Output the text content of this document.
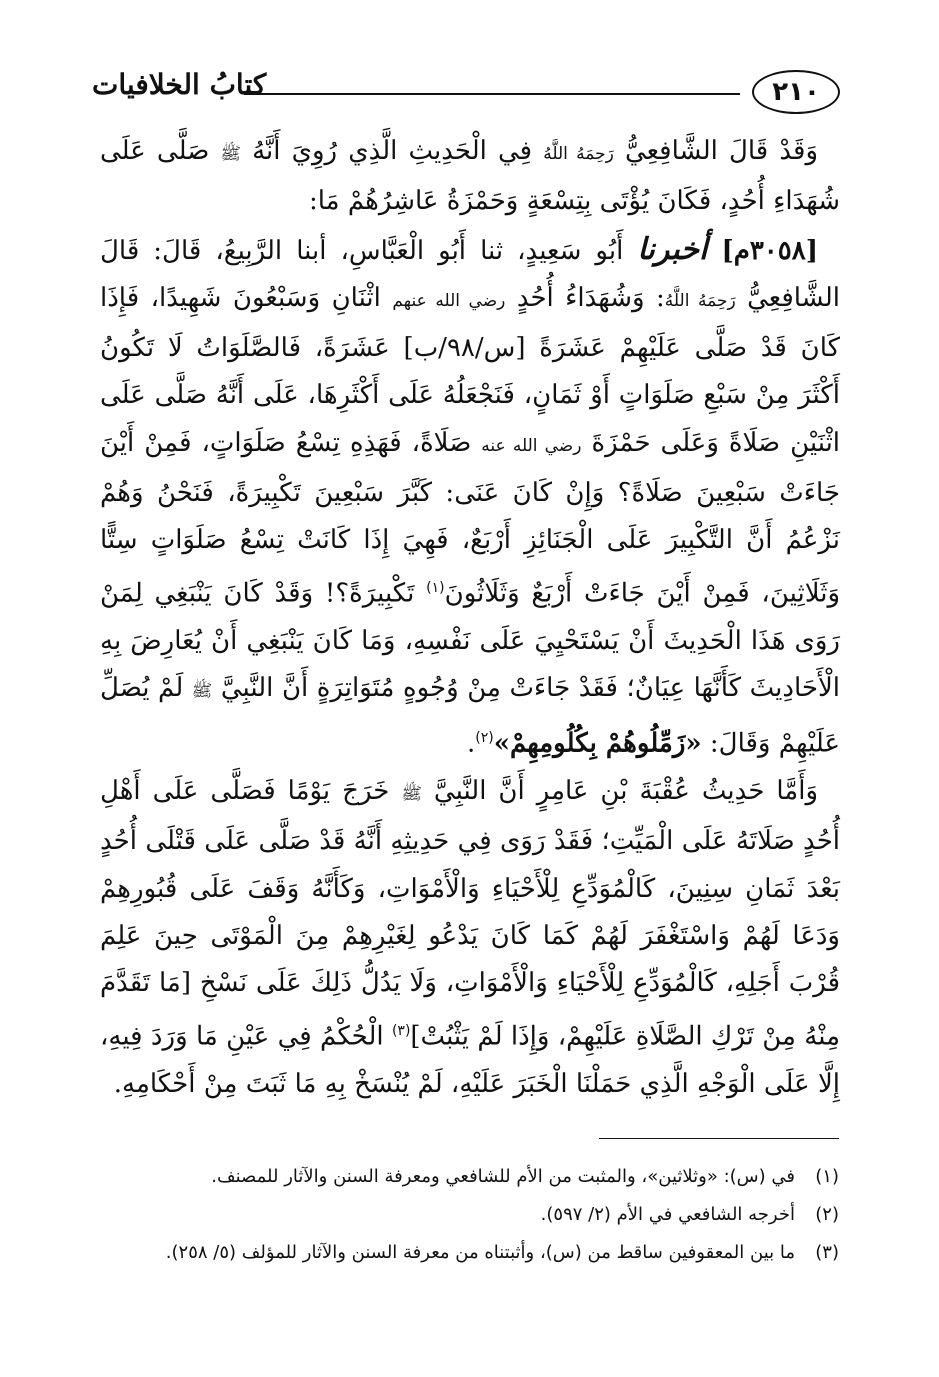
٢١٠
كتابُ الخلافيات

وَقَدْ قَالَ الشَّافِعِيُّ رَحِمَهُ اللَّهُ فِي الْحَدِيثِ الَّذِي رُوِيَ أَنَّهُ ﷺ صَلَّى عَلَى شُهَدَاءِ أُحُدٍ، فَكَانَ يُؤْتَى بِتِسْعَةٍ وَحَمْزَةُ عَاشِرُهُمْ مَا:

[٣٠٥٨م] أخبرنا أَبُو سَعِيدٍ، ثنا أَبُو الْعَبَّاسِ، أبنا الرَّبِيعُ، قَالَ: قَالَ الشَّافِعِيُّ رَحِمَهُ اللَّهُ: وَشُهَدَاءُ أُحُدٍ رضي الله عنهم اثْنَانِ وَسَبْعُونَ شَهِيدًا، فَإِذَا كَانَ قَدْ صَلَّى عَلَيْهِمْ عَشَرَةً [س/٩٨/ب] عَشَرَةً، فَالصَّلَوَاتُ لَا تَكُونُ أَكْثَرَ مِنْ سَبْعِ صَلَوَاتٍ أَوْ ثَمَانٍ، فَنَجْعَلُهُ عَلَى أَكْثَرِهَا، عَلَى أَنَّهُ صَلَّى عَلَى اثْنَيْنِ صَلَاةً وَعَلَى حَمْزَةَ رضي الله عنه صَلَاةً، فَهَذِهِ تِسْعُ صَلَوَاتٍ، فَمِنْ أَيْنَ جَاءَتْ سَبْعِينَ صَلَاةً؟ وَإِنْ كَانَ عَنَى: كَبَّرَ سَبْعِينَ تَكْبِيرَةً، فَنَحْنُ وَهُمْ نَزْعُمُ أَنَّ التَّكْبِيرَ عَلَى الْجَنَائِزِ أَرْبَعٌ، فَهِيَ إِذَا كَانَتْ تِسْعُ صَلَوَاتٍ سِتًّا وَثَلَاثِينَ، فَمِنْ أَيْنَ جَاءَتْ أَرْبَعٌ وَثَلَاثُونَ$^{(١)}$ تَكْبِيرَةً؟! وَقَدْ كَانَ يَنْبَغِي لِمَنْ رَوَى هَذَا الْحَدِيثَ أَنْ يَسْتَحْيِيَ عَلَى نَفْسِهِ، وَمَا كَانَ يَنْبَغِي أَنْ يُعَارِضَ بِهِ الْأَحَادِيثَ كَأَنَّهَا عِيَانٌ؛ فَقَدْ جَاءَتْ مِنْ وُجُوهٍ مُتَوَاتِرَةٍ أَنَّ النَّبِيَّ ﷺ لَمْ يُصَلِّ عَلَيْهِمْ وَقَالَ: «زَمِّلُوهُمْ بِكُلُومِهِمْ»$^{(٢)}$.

وَأَمَّا حَدِيثُ عُقْبَةَ بْنِ عَامِرٍ أَنَّ النَّبِيَّ ﷺ خَرَجَ يَوْمًا فَصَلَّى عَلَى أَهْلِ أُحُدٍ صَلَاتَهُ عَلَى الْمَيِّتِ؛ فَقَدْ رَوَى فِي حَدِيثِهِ أَنَّهُ قَدْ صَلَّى عَلَى قَتْلَى أُحُدٍ بَعْدَ ثَمَانِ سِنِينَ، كَالْمُوَدِّعِ لِلْأَحْيَاءِ وَالْأَمْوَاتِ، وَكَأَنَّهُ وَقَفَ عَلَى قُبُورِهِمْ وَدَعَا لَهُمْ وَاسْتَغْفَرَ لَهُمْ كَمَا كَانَ يَدْعُو لِغَيْرِهِمْ مِنَ الْمَوْتَى حِينَ عَلِمَ قُرْبَ أَجَلِهِ، كَالْمُوَدِّعِ لِلْأَحْيَاءِ وَالْأَمْوَاتِ، وَلَا يَدُلُّ ذَلِكَ عَلَى نَسْخِ [مَا تَقَدَّمَ مِنْهُ مِنْ تَرْكِ الصَّلَاةِ عَلَيْهِمْ، وَإِذَا لَمْ يَثْبُتْ]$^{(٣)}$ الْحُكْمُ فِي عَيْنِ مَا وَرَدَ فِيهِ، إِلَّا عَلَى الْوَجْهِ الَّذِي حَمَلْنَا الْخَبَرَ عَلَيْهِ، لَمْ يُنْسَخْ بِهِ مَا ثَبَتَ مِنْ أَحْكَامِهِ.

(١)
في (س): «وثلاثين»، والمثبت من الأم للشافعي ومعرفة السنن والآثار للمصنف.
(٢)
أخرجه الشافعي في الأم (٢/ ٥٩٧).
(٣)
ما بين المعقوفين ساقط من (س)، وأثبتناه من معرفة السنن والآثار للمؤلف (٥/ ٢٥٨).
